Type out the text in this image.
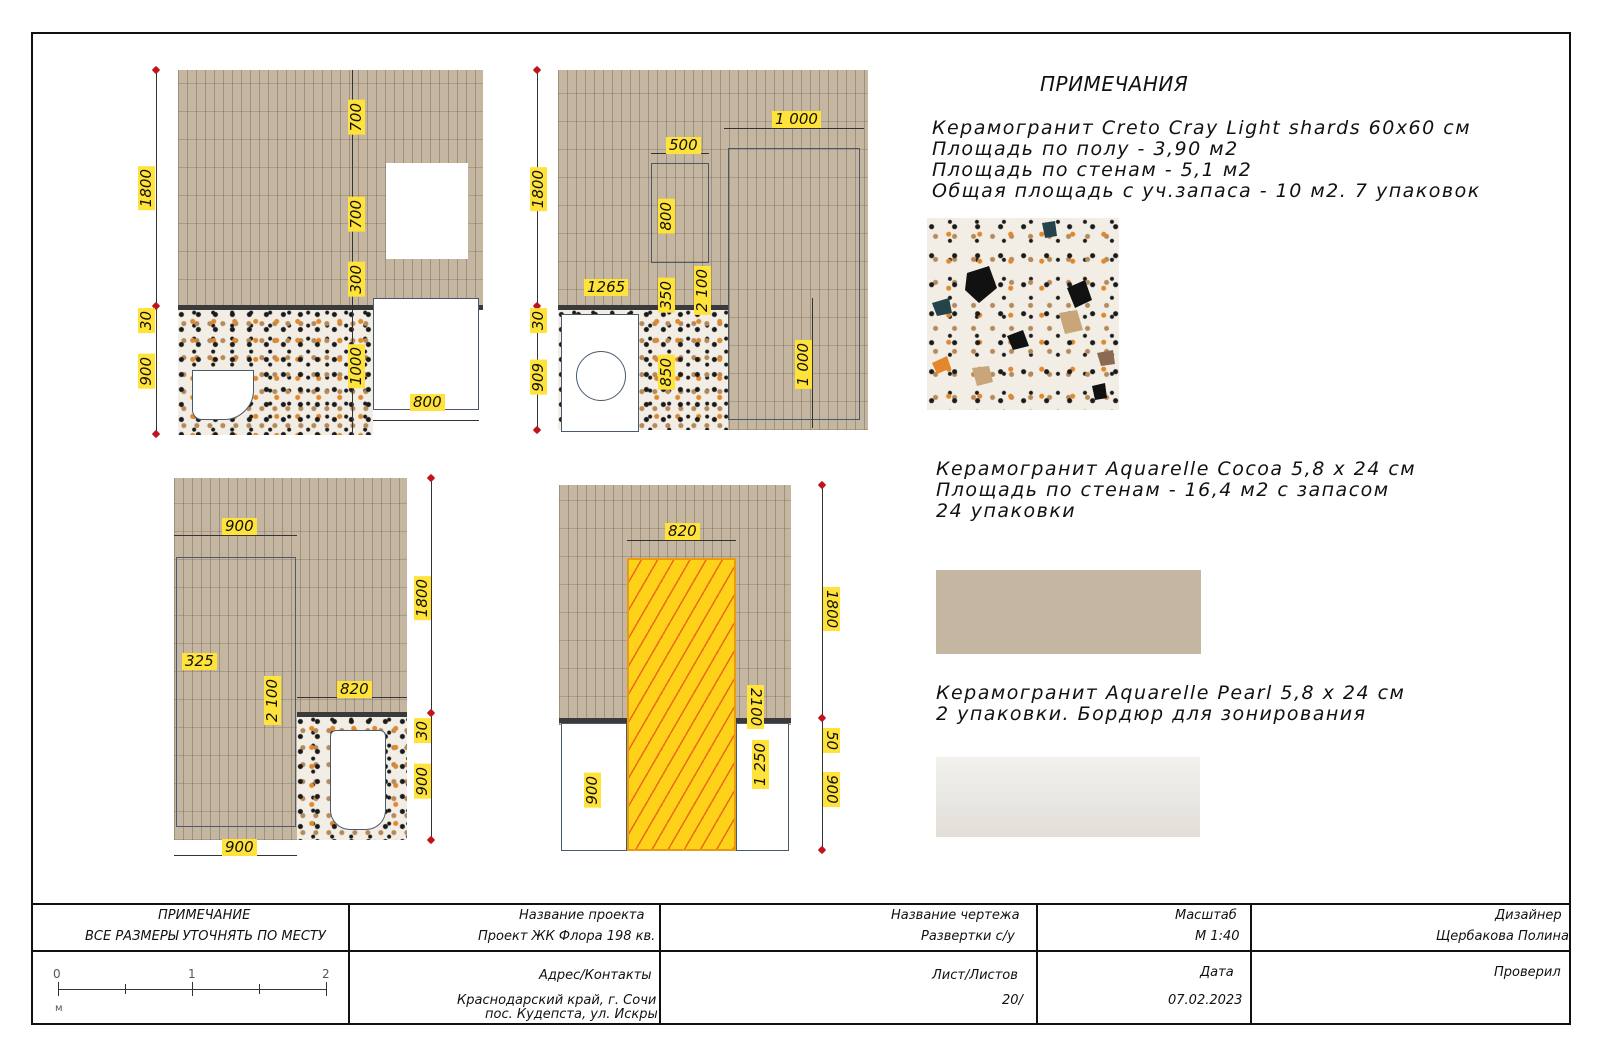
1800
30
900
700
700
300
1000
800
1800
30
909
1 000
500
800
1265 350 2 100
850	1 000
900
325
2 100	820
1800
30
900
900
820
1800
2100
50
1 250
900	900
ПРИМЕЧАНИЯ
Керамогранит Creto Cray Light shards 60х60 см
Площадь по полу - 3,90 м2
Площадь по стенам - 5,1 м2
Общая площадь с уч.запаса - 10 м2. 7 упаковок
Керамогранит Aquarelle Cocoa 5,8 х 24 см
Площадь по стенам - 16,4 м2 с запасом
24 упаковки
Керамогранит Aquarelle Pearl 5,8 х 24 см
2 упаковки. Бордюр для зонирования
ПРИМЕЧАНИЕ
ВСЕ РАЗМЕРЫ УТОЧНЯТЬ ПО МЕСТУ
Название проекта
Проект ЖК Флора 198 кв.
Название чертежа
Развертки с/у
Масштаб
М 1:40
Дизайнер
Щербакова Полина
Адрес/Контакты
Краснодарский край, г. Сочи
пос. Кудепста, ул. Искры
Лист/Листов
20/
Дата
07.02.2023
Проверил
0	1	2
м
